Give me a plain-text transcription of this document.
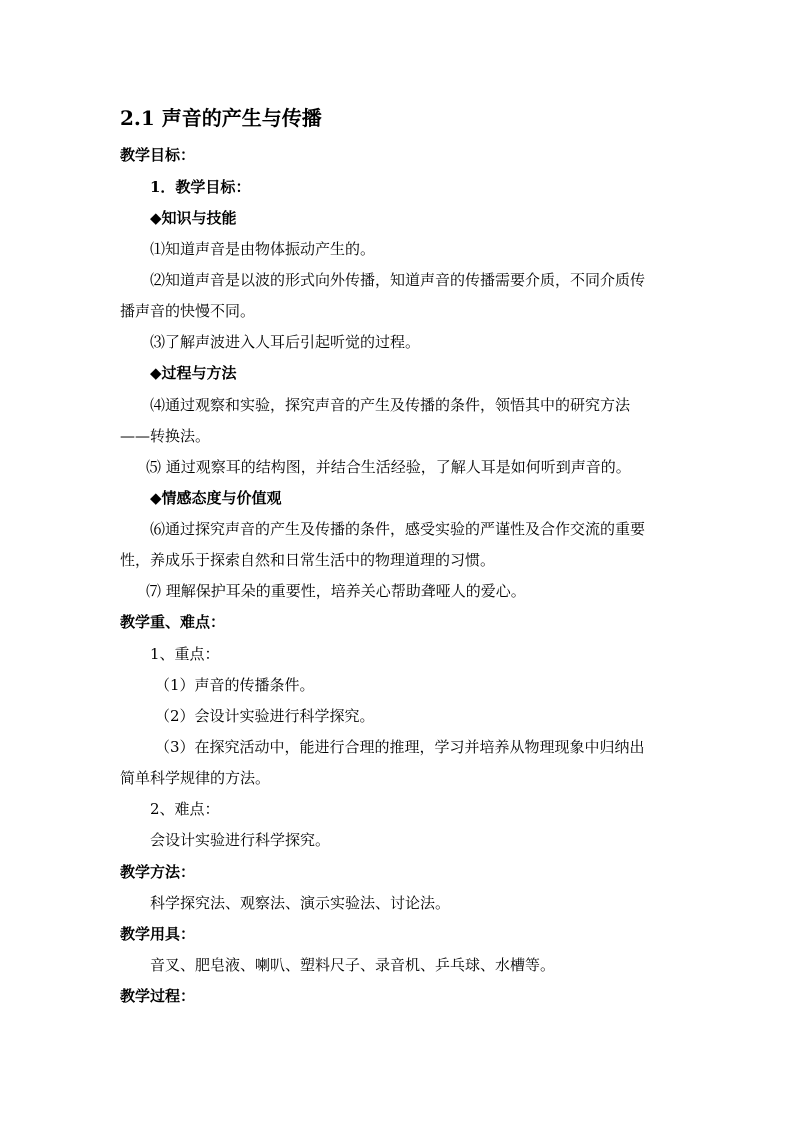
2.1 声音的产生与传播
教学目标：
1．教学目标：
◆知识与技能
⑴知道声音是由物体振动产生的。
⑵知道声音是以波的形式向外传播，知道声音的传播需要介质，不同介质传
播声音的快慢不同。
⑶了解声波进入人耳后引起听觉的过程。
◆过程与方法
⑷通过观察和实验，探究声音的产生及传播的条件，领悟其中的研究方法
——转换法。
⑸ 通过观察耳的结构图，并结合生活经验，了解人耳是如何听到声音的。
◆情感态度与价值观
⑹通过探究声音的产生及传播的条件，感受实验的严谨性及合作交流的重要
性，养成乐于探索自然和日常生活中的物理道理的习惯。
⑺ 理解保护耳朵的重要性，培养关心帮助聋哑人的爱心。
教学重、难点：
1、重点：
（1）声音的传播条件。
（2）会设计实验进行科学探究。
（3）在探究活动中，能进行合理的推理，学习并培养从物理现象中归纳出
简单科学规律的方法。
2、难点：
会设计实验进行科学探究。
教学方法：
科学探究法、观察法、演示实验法、讨论法。
教学用具：
音叉、肥皂液、喇叭、塑料尺子、录音机、乒乓球、水槽等。
教学过程：
